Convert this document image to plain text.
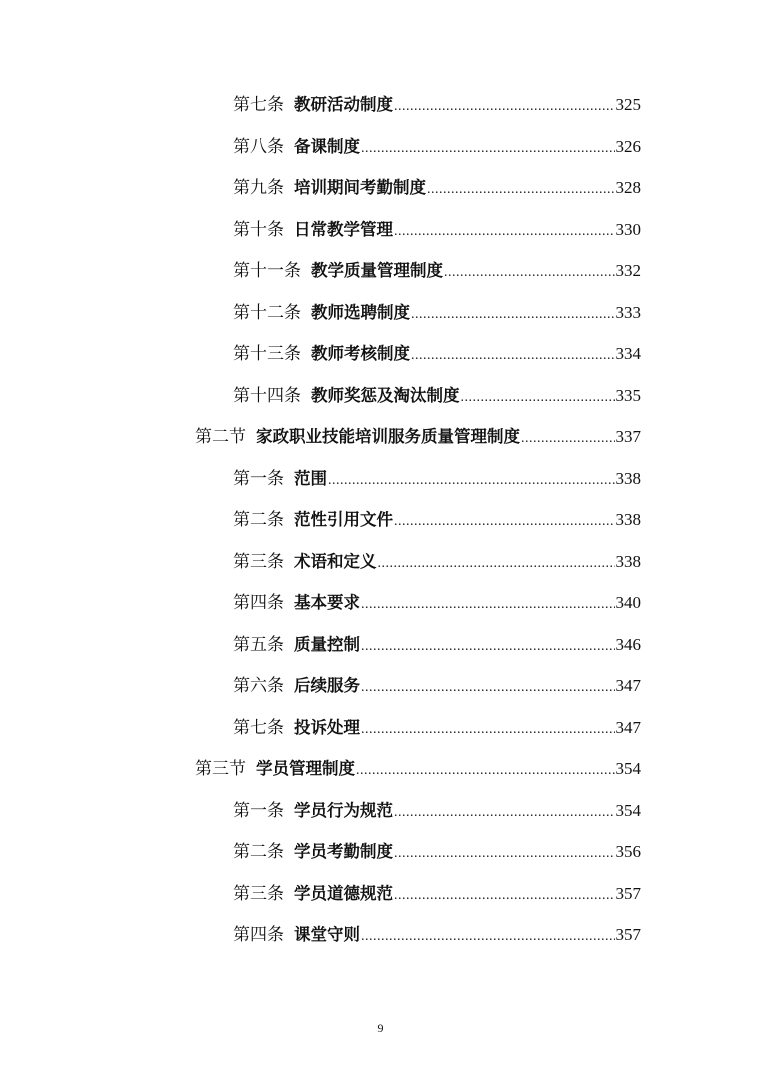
第七条 教研活动制度 .....	325
第八条 备课制度 .....	326
第九条 培训期间考勤制度 .....	328
第十条 日常教学管理 .....	330
第十一条 教学质量管理制度 .....	332
第十二条 教师选聘制度 .....	333
第十三条 教师考核制度 .....	334
第十四条 教师奖惩及淘汰制度 .....	335
第二节 家政职业技能培训服务质量管理制度 .....	337
第一条 范围 .....	338
第二条 范性引用文件 .....	338
第三条 术语和定义 .....	338
第四条 基本要求 .....	340
第五条 质量控制 .....	346
第六条 后续服务 .....	347
第七条 投诉处理 .....	347
第三节 学员管理制度 .....	354
第一条 学员行为规范 .....	354
第二条 学员考勤制度 .....	356
第三条 学员道德规范 .....	357
第四条 课堂守则 .....	357
9
